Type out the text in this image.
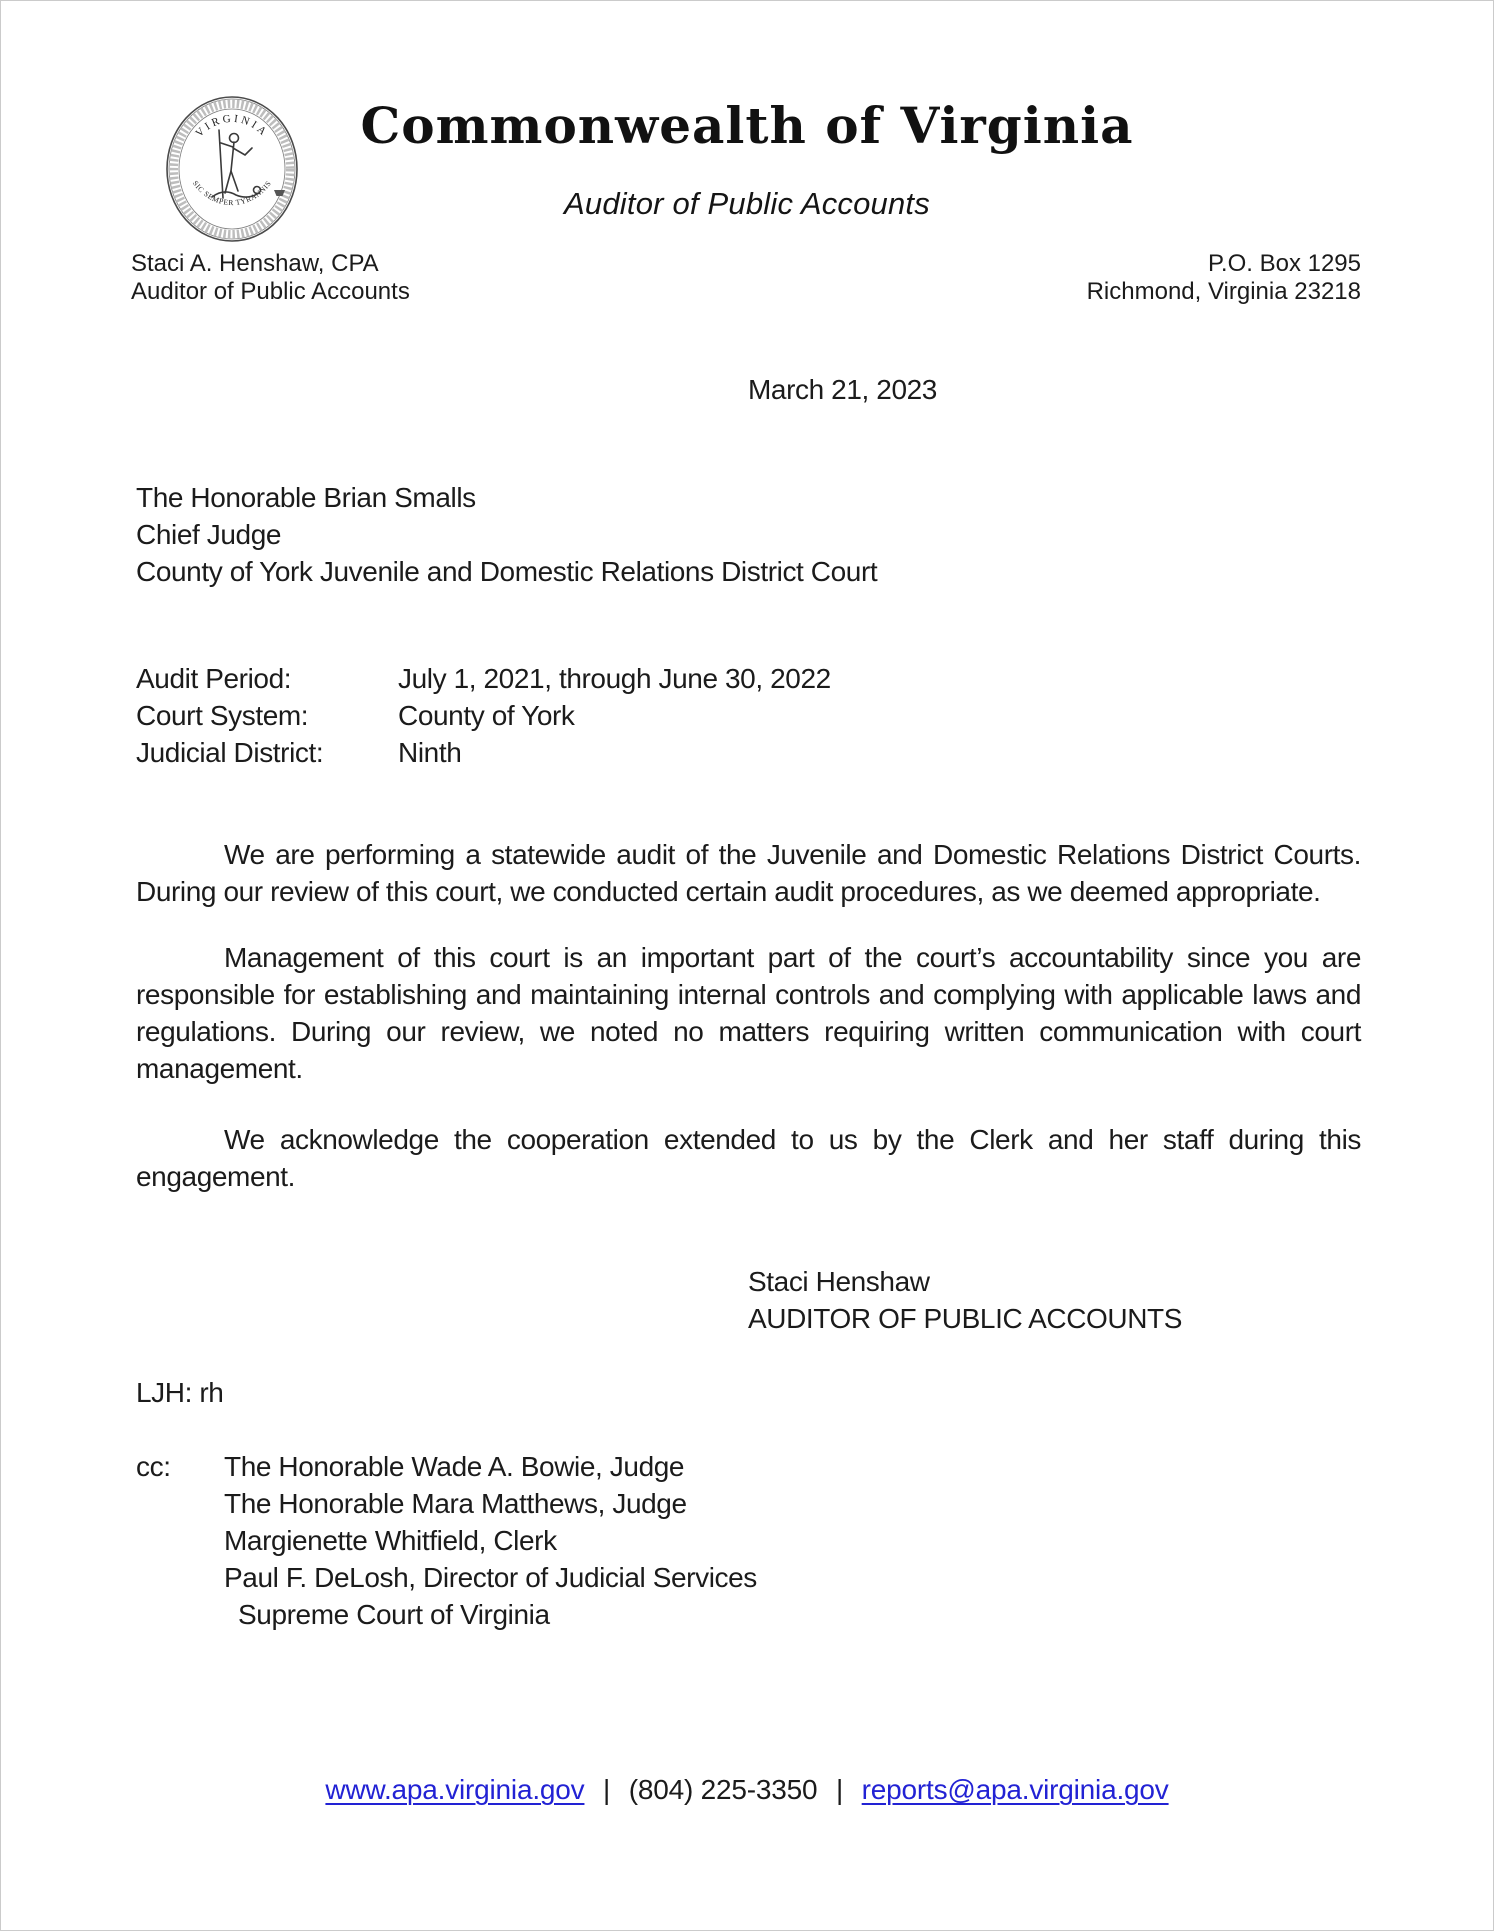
VIRGINIA
SIC SEMPER TYRANNIS
Commonwealth of Virginia
Auditor of Public Accounts
Staci A. Henshaw, CPA
Auditor of Public Accounts
P.O. Box 1295
Richmond, Virginia 23218
March 21, 2023
The Honorable Brian Smalls
Chief Judge
County of York Juvenile and Domestic Relations District Court
Audit Period:	July 1, 2021, through June 30, 2022
Court System:	County of York
Judicial District:	Ninth
We are performing a statewide audit of the Juvenile and Domestic Relations District Courts. During our review of this court, we conducted certain audit procedures, as we deemed appropriate.
Management of this court is an important part of the court’s accountability since you are responsible for establishing and maintaining internal controls and complying with applicable laws and regulations. During our review, we noted no matters requiring written communication with court management.
We acknowledge the cooperation extended to us by the Clerk and her staff during this engagement.
Staci Henshaw
AUDITOR OF PUBLIC ACCOUNTS
LJH: rh
cc:	The Honorable Wade A. Bowie, Judge
The Honorable Mara Matthews, Judge
Margienette Whitfield, Clerk
Paul F. DeLosh, Director of Judicial Services
Supreme Court of Virginia
www.apa.virginia.gov | (804) 225-3350 | reports@apa.virginia.gov
